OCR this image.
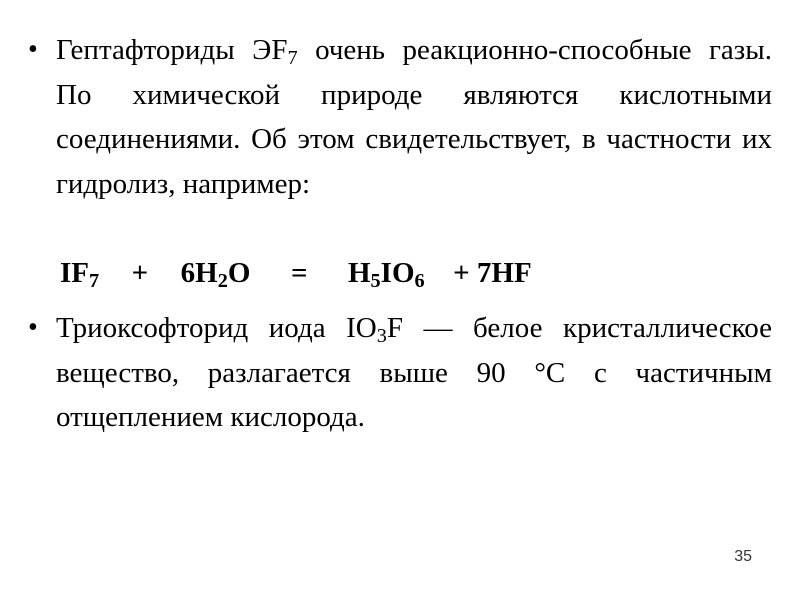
• Гептафториды $ЭF_7$ очень реакционно-способные газы. По химической природе являются кислотными соединениями. Об этом свидетельствует, в частности их гидролиз, например:
$IF_7 + 6H_2O = H_5IO_6 + 7HF$
• Триоксофторид иода $IO_3F$ — белое кристаллическое вещество, разлагается выше 90 °C с частичным отщеплением кислорода.
35
